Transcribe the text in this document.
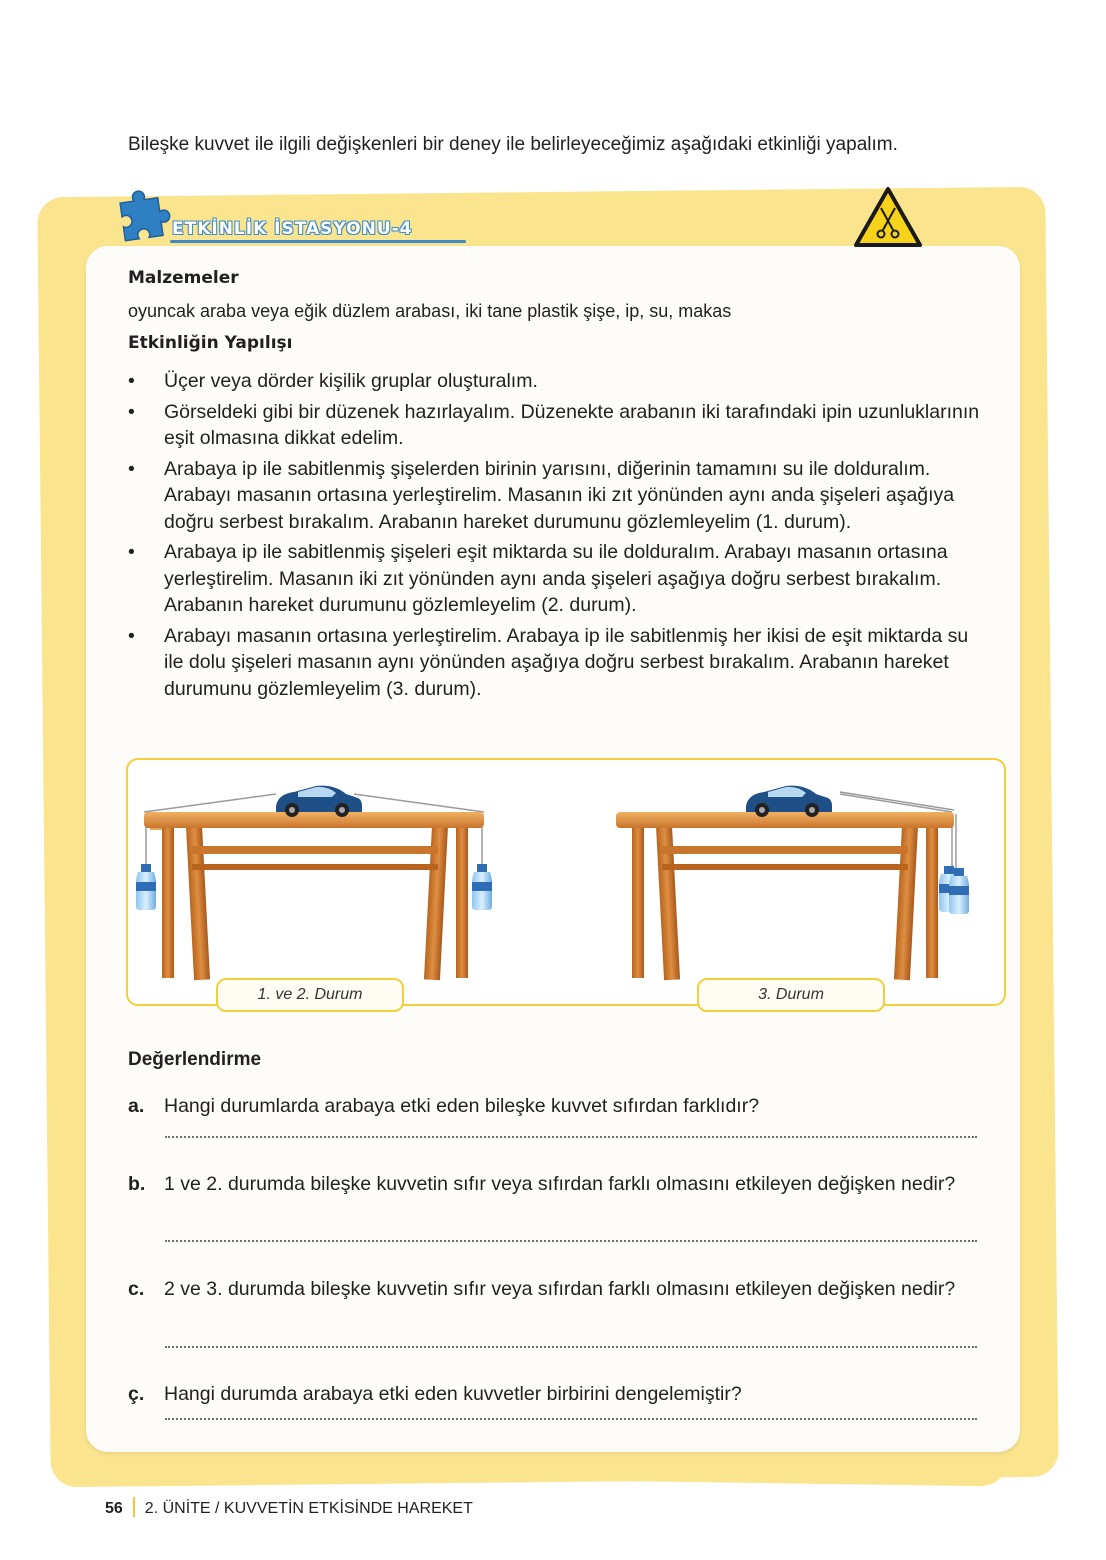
Bileşke kuvvet ile ilgili değişkenleri bir deney ile belirleyeceğimiz aşağıdaki etkinliği yapalım.

ETKİNLİK İSTASYONU-4
Malzemeler
oyuncak araba veya eğik düzlem arabası, iki tane plastik şişe, ip, su, makas
Etkinliğin Yapılışı
• Üçer veya dörder kişilik gruplar oluşturalım.
• Görseldeki gibi bir düzenek hazırlayalım. Düzenekte arabanın iki tarafındaki ipin uzunluklarının eşit olmasına dikkat edelim.
• Arabaya ip ile sabitlenmiş şişelerden birinin yarısını, diğerinin tamamını su ile dolduralım. Arabayı masanın ortasına yerleştirelim. Masanın iki zıt yönünden aynı anda şişeleri aşağıya doğru serbest bırakalım. Arabanın hareket durumunu gözlemleyelim (1. durum).
• Arabaya ip ile sabitlenmiş şişeleri eşit miktarda su ile dolduralım. Arabayı masanın ortasına yerleştirelim. Masanın iki zıt yönünden aynı anda şişeleri aşağıya doğru serbest bırakalım. Arabanın hareket durumunu gözlemleyelim (2. durum).
• Arabayı masanın ortasına yerleştirelim. Arabaya ip ile sabitlenmiş her ikisi de eşit miktarda su ile dolu şişeleri masanın aynı yönünden aşağıya doğru serbest bırakalım. Arabanın hareket durumunu gözlemleyelim (3. durum).
1. ve 2. Durum	3. Durum
Değerlendirme
a. Hangi durumlarda arabaya etki eden bileşke kuvvet sıfırdan farklıdır?
b. 1 ve 2. durumda bileşke kuvvetin sıfır veya sıfırdan farklı olmasını etkileyen değişken nedir?
c. 2 ve 3. durumda bileşke kuvvetin sıfır veya sıfırdan farklı olmasını etkileyen değişken nedir?
ç. Hangi durumda arabaya etki eden kuvvetler birbirini dengelemiştir?
56 2. ÜNİTE / KUVVETİN ETKİSİNDE HAREKET
